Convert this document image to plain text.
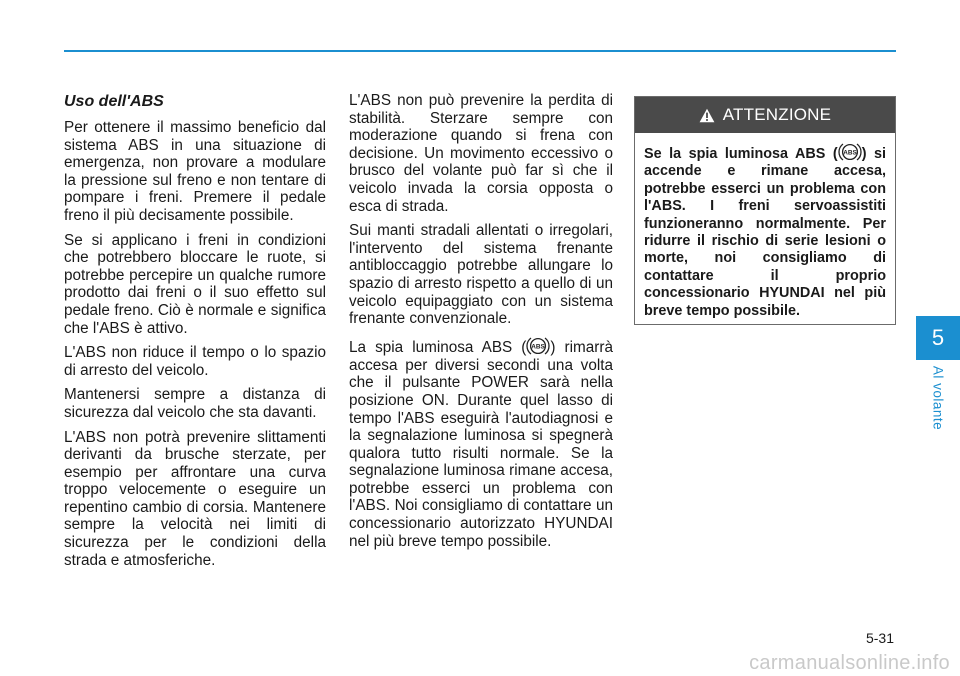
Uso dell'ABS

Per ottenere il massimo beneficio dal sistema ABS in una situazione di emergenza, non provare a modulare la pressione sul freno e non tentare di pompare i freni. Premere il pedale freno il più decisamente possibile.

Se si applicano i freni in condizioni che potrebbero bloccare le ruote, si potrebbe percepire un qualche rumore prodotto dai freni o il suo effetto sul pedale freno. Ciò è normale e significa che l'ABS è attivo.

L'ABS non riduce il tempo o lo spazio di arresto del veicolo.

Mantenersi sempre a distanza di sicurezza dal veicolo che sta davanti.

L'ABS non potrà prevenire slittamenti derivanti da brusche sterzate, per esempio per affrontare una curva troppo velocemente o eseguire un repentino cambio di corsia. Mantenere sempre la velocità nei limiti di sicurezza per le condizioni della strada e atmosferiche.

L'ABS non può prevenire la perdita di stabilità. Sterzare sempre con moderazione quando si frena con decisione. Un movimento eccessivo o brusco del volante può far sì che il veicolo invada la corsia opposta o esca di strada.

Sui manti stradali allentati o irregolari, l'intervento del sistema frenante antibloccaggio potrebbe allungare lo spazio di arresto rispetto a quello di un veicolo equipaggiato con un sistema frenante convenzionale.

La spia luminosa ABS ( ABS ) rimarrà accesa per diversi secondi una volta che il pulsante POWER sarà nella posizione ON. Durante quel lasso di tempo l'ABS eseguirà l'autodiagnosi e la segnalazione luminosa si spegnerà qualora tutto risulti normale. Se la segnalazione luminosa rimane accesa, potrebbe esserci un problema con l'ABS. Noi consigliamo di contattare un concessionario autorizzato HYUNDAI nel più breve tempo possibile.

ATTENZIONE
Se la spia luminosa ABS ( ABS ) si accende e rimane accesa, potrebbe esserci un problema con l'ABS. I freni servoassistiti funzioneranno normalmente. Per ridurre il rischio di serie lesioni o morte, noi consigliamo di contattare il proprio concessionario HYUNDAI nel più breve tempo possibile.
5
Al volante
5-31
carmanualsonline.info
